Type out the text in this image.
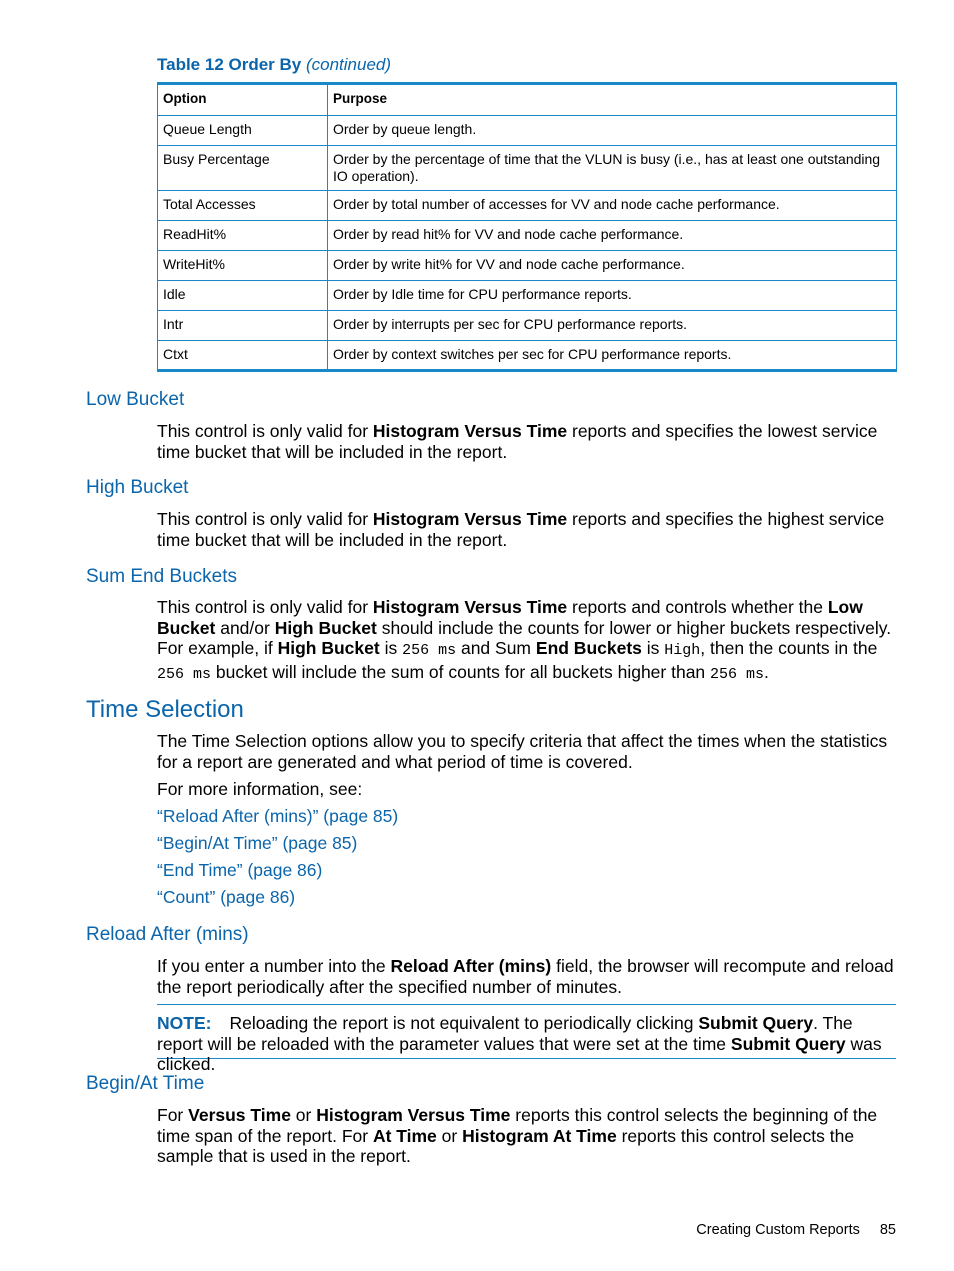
Table 12 Order By (continued)
Option	Purpose
Queue Length	Order by queue length.
Busy Percentage	Order by the percentage of time that the VLUN is busy (i.e., has at least one outstanding IO operation).
Total Accesses	Order by total number of accesses for VV and node cache performance.
ReadHit%	Order by read hit% for VV and node cache performance.
WriteHit%	Order by write hit% for VV and node cache performance.
Idle	Order by Idle time for CPU performance reports.
Intr	Order by interrupts per sec for CPU performance reports.
Ctxt	Order by context switches per sec for CPU performance reports.
Low Bucket
This control is only valid for Histogram Versus Time reports and specifies the lowest service time bucket that will be included in the report.
High Bucket
This control is only valid for Histogram Versus Time reports and specifies the highest service time bucket that will be included in the report.
Sum End Buckets
This control is only valid for Histogram Versus Time reports and controls whether the Low Bucket and/or High Bucket should include the counts for lower or higher buckets respectively. For example, if High Bucket is 256 ms and Sum End Buckets is High, then the counts in the 256 ms bucket will include the sum of counts for all buckets higher than 256 ms.
Time Selection
The Time Selection options allow you to specify criteria that affect the times when the statistics for a report are generated and what period of time is covered.
For more information, see:
“Reload After (mins)” (page 85)
“Begin/At Time” (page 85)
“End Time” (page 86)
“Count” (page 86)
Reload After (mins)
If you enter a number into the Reload After (mins) field, the browser will recompute and reload the report periodically after the specified number of minutes.
NOTE: Reloading the report is not equivalent to periodically clicking Submit Query. The report will be reloaded with the parameter values that were set at the time Submit Query was clicked.
Begin/At Time
For Versus Time or Histogram Versus Time reports this control selects the beginning of the time span of the report. For At Time or Histogram At Time reports this control selects the sample that is used in the report.
Creating Custom Reports 85
